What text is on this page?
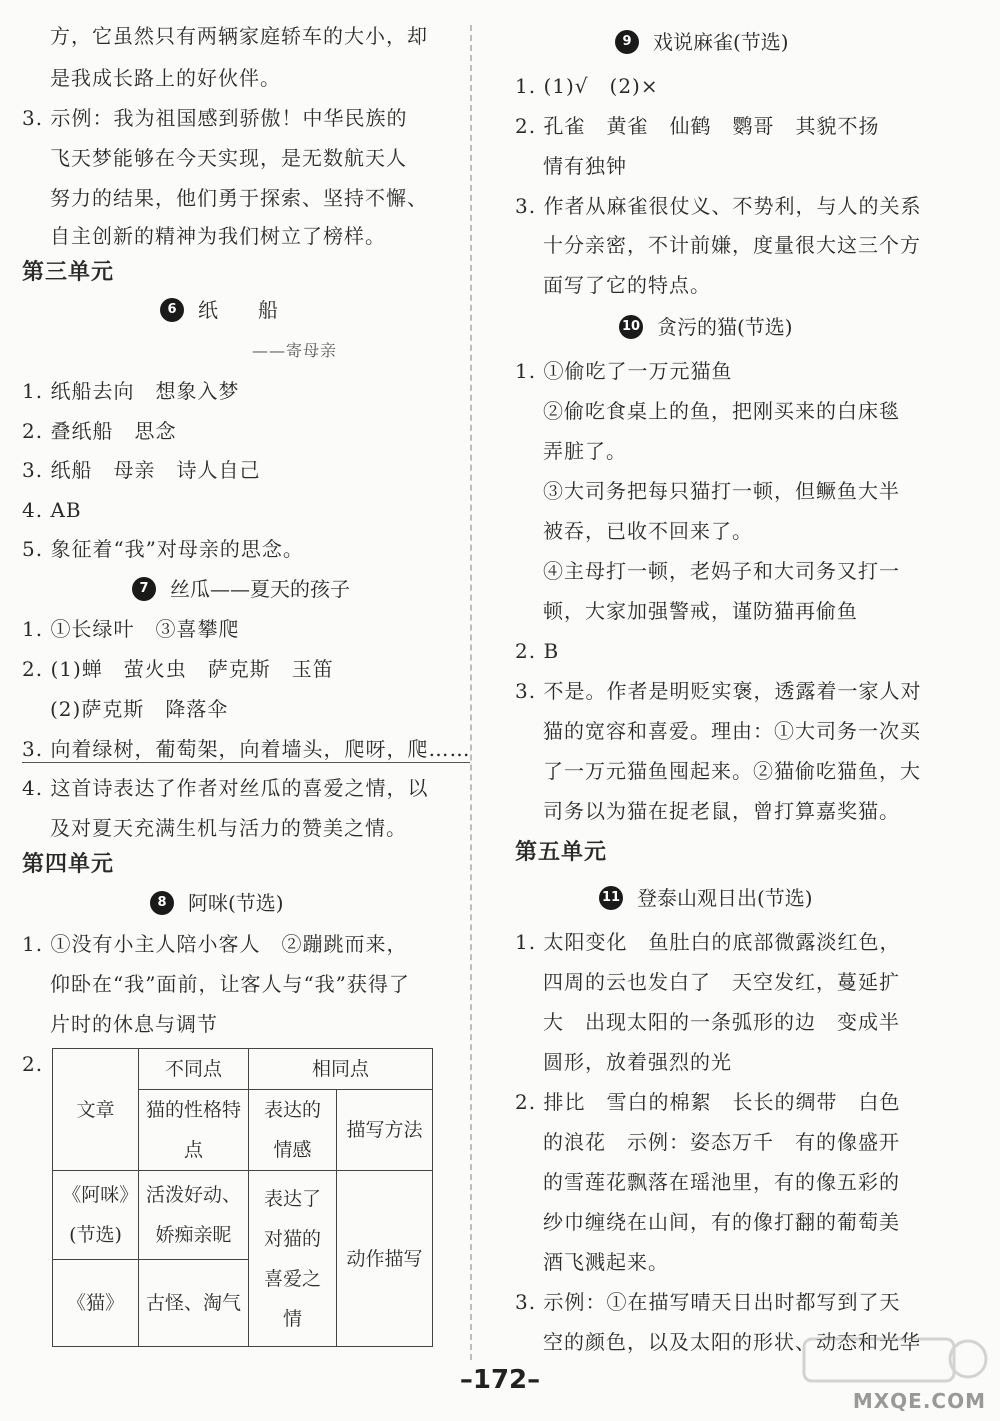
方，它虽然只有两辆家庭轿车的大小，却
是我成长路上的好伙伴。
3. 示例：我为祖国感到骄傲！中华民族的
飞天梦能够在今天实现，是无数航天人
努力的结果，他们勇于探索、坚持不懈、
自主创新的精神为我们树立了榜样。
第三单元
6	纸　　船
——寄母亲
1. 纸船去向　想象入梦
2. 叠纸船　思念
3. 纸船　母亲　诗人自己
4. AB
5. 象征着“我”对母亲的思念。
7	丝瓜——夏天的孩子
1. ①长绿叶　③喜攀爬
2. (1)蝉　萤火虫　萨克斯　玉笛
(2)萨克斯　降落伞
3. 向着绿树，葡萄架，向着墙头，爬呀，爬……
4. 这首诗表达了作者对丝瓜的喜爱之情，以
及对夏天充满生机与活力的赞美之情。
第四单元
8	阿咪(节选)
1. ①没有小主人陪小客人　②蹦跳而来，
仰卧在“我”面前，让客人与“我”获得了
片时的休息与调节
2.
文章	不同点	相同点	
	猫的性格特点	表达的情感	描写方法
《阿咪》(节选)	活泼好动、娇痴亲昵	表达了对猫的喜爱之情	动作描写
《猫》	古怪、淘气		
9	戏说麻雀(节选)
1. (1)√　(2)×
2. 孔雀　黄雀　仙鹤　鹦哥　其貌不扬
情有独钟
3. 作者从麻雀很仗义、不势利，与人的关系
十分亲密，不计前嫌，度量很大这三个方
面写了它的特点。
10 贪污的猫(节选)
1. ①偷吃了一万元猫鱼
②偷吃食桌上的鱼，把刚买来的白床毯
弄脏了。
③大司务把每只猫打一顿，但鳜鱼大半
被吞，已收不回来了。
④主母打一顿，老妈子和大司务又打一
顿，大家加强警戒，谨防猫再偷鱼
2. B
3. 不是。作者是明贬实褒，透露着一家人对
猫的宽容和喜爱。理由：①大司务一次买
了一万元猫鱼囤起来。②猫偷吃猫鱼，大
司务以为猫在捉老鼠，曾打算嘉奖猫。
第五单元
11 登泰山观日出(节选)
1. 太阳变化　鱼肚白的底部微露淡红色，
四周的云也发白了　天空发红，蔓延扩
大　出现太阳的一条弧形的边　变成半
圆形，放着强烈的光
2. 排比　雪白的棉絮　长长的绸带　白色
的浪花　示例：姿态万千　有的像盛开
的雪莲花飘落在瑶池里，有的像五彩的
纱巾缠绕在山间，有的像打翻的葡萄美
酒飞溅起来。
3. 示例：①在描写晴天日出时都写到了天
空的颜色，以及太阳的形状、动态和光华
–172–
MXQE.COM
